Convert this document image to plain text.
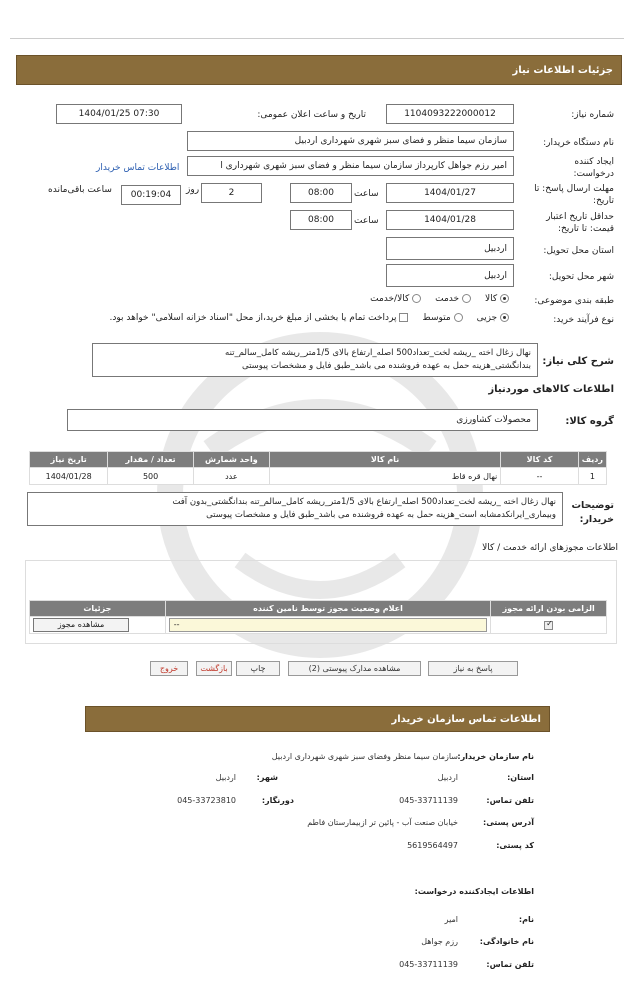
جزئیات اطلاعات نیاز
شماره نیاز:
1104093222000012
تاریخ و ساعت اعلان عمومی:
1404/01/25 07:30
نام دستگاه خریدار:
سازمان سیما منظر و فضای سبز شهری شهرداری اردبیل
ایجاد کننده
درخواست:
امیر رزم جواهل کارپرداز سازمان سیما منظر و فضای سبز شهری شهرداری ا
اطلاعات تماس خریدار
مهلت ارسال پاسخ: تا
تاریخ:
1404/01/27
ساعت
08:00
2
روز
00:19:04
ساعت باقی‌مانده
حداقل تاریخ اعتبار
قیمت: تا تاریخ:
1404/01/28
ساعت
08:00
استان محل تحویل:
اردبیل
شهر محل تحویل:
اردبیل
طبقه بندی موضوعی:
کالا
خدمت
کالا/خدمت
نوع فرآیند خرید:
جزیی
متوسط
پرداخت تمام یا بخشی از مبلغ خرید،از محل "اسناد خزانه اسلامی" خواهد بود.
شرح کلی نیاز:
نهال زغال اخته _ریشه لخت_تعداد500 اصله_ارتفاع بالای 1/5متر_ریشه کامل_سالم_تنه
بندانگشتی_هزینه حمل به عهده فروشنده می باشد_طبق فایل و مشخصات پیوستی
اطلاعات کالاهای موردنیاز
گروه کالا:
محصولات کشاورزی
ردیف	کد کالا	نام کالا	واحد شمارش	تعداد / مقدار	تاریخ نیاز
1	--	نهال قره قاط	عدد	500	1404/01/28
توضیحات
خریدار:
نهال زغال اخته _ریشه لخت_تعداد500 اصله_ارتفاع بالای 1/5متر_ریشه کامل_سالم_تنه بندانگشتی_بدون آفت
وبیماری_ایرانکدمشابه است_هزینه حمل به عهده فروشنده می باشد_طبق فایل و مشخصات پیوستی
اطلاعات مجوزهای ارائه خدمت / کالا
الزامی بودن ارائه مجوز	اعلام وضعیت مجوز توسط نامین کننده	جزئیات

✓	--	مشاهده مجوز
پاسخ به نیاز
مشاهده مدارک پیوستی (2)
چاپ
بازگشت
خروج
اطلاعات تماس سازمان خریدار
نام سازمان خریدار:
سازمان سیما منظر وفضای سبز شهری شهرداری اردبیل
استان:
اردبیل
شهر:
اردبیل
تلفن تماس:
045-33711139
دورنگار:
045-33723810
آدرس پستی:
خیابان صنعت آب - پائین تر ازبیمارستان فاطم
کد پستی:
5619564497
اطلاعات ایجادکننده درخواست:
نام:
امیر
نام خانوادگی:
رزم جواهل
تلفن تماس:
045-33711139
